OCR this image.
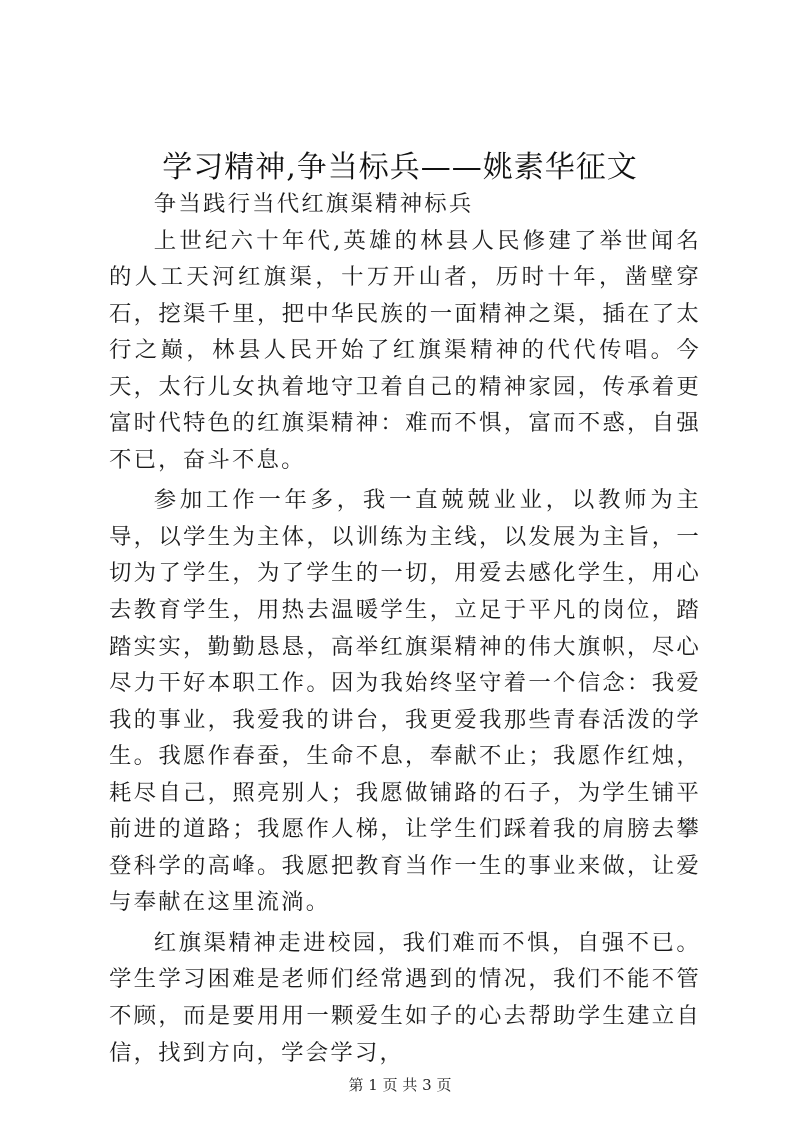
学习精神,争当标兵——姚素华征文

争当践行当代红旗渠精神标兵

上世纪六十年代,英雄的林县人民修建了举世闻名的人工天河红旗渠，十万开山者，历时十年，凿壁穿石，挖渠千里，把中华民族的一面精神之渠，插在了太行之巅，林县人民开始了红旗渠精神的代代传唱。今天，太行儿女执着地守卫着自己的精神家园，传承着更富时代特色的红旗渠精神：难而不惧，富而不惑，自强不已，奋斗不息。

参加工作一年多，我一直兢兢业业，以教师为主导，以学生为主体，以训练为主线，以发展为主旨，一切为了学生，为了学生的一切，用爱去感化学生，用心去教育学生，用热去温暖学生，立足于平凡的岗位，踏踏实实，勤勤恳恳，高举红旗渠精神的伟大旗帜，尽心尽力干好本职工作。因为我始终坚守着一个信念：我爱我的事业，我爱我的讲台，我更爱我那些青春活泼的学生。我愿作春蚕，生命不息，奉献不止；我愿作红烛，耗尽自己，照亮别人；我愿做铺路的石子，为学生铺平前进的道路；我愿作人梯，让学生们踩着我的肩膀去攀登科学的高峰。我愿把教育当作一生的事业来做，让爱与奉献在这里流淌。

红旗渠精神走进校园，我们难而不惧，自强不已。学生学习困难是老师们经常遇到的情况，我们不能不管不顾，而是要用用一颗爱生如子的心去帮助学生建立自信，找到方向，学会学习，

第 1 页 共 3 页
